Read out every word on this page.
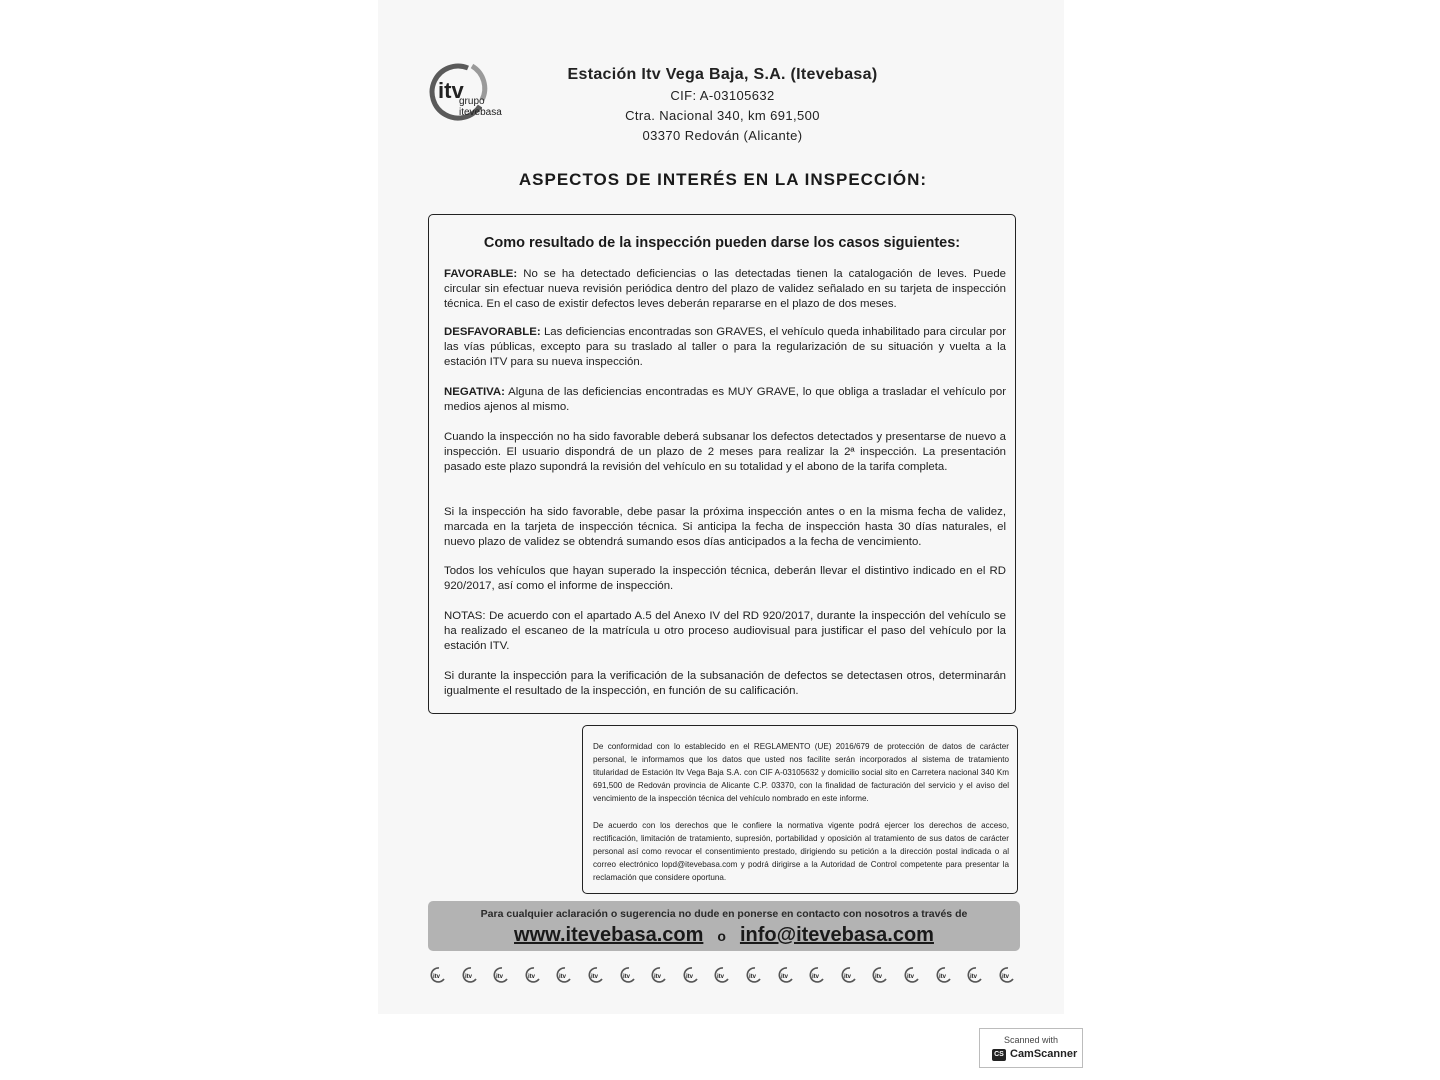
itv
grupo
itevebasa
Estación Itv Vega Baja, S.A. (Itevebasa)
CIF: A-03105632
Ctra. Nacional 340, km 691,500
03370 Redován (Alicante)
ASPECTOS DE INTERÉS EN LA INSPECCIÓN:
Como resultado de la inspección pueden darse los casos siguientes:
FAVORABLE: No se ha detectado deficiencias o las detectadas tienen la catalogación de leves. Puede circular sin efectuar nueva revisión periódica dentro del plazo de validez señalado en su tarjeta de inspección técnica. En el caso de existir defectos leves deberán repararse en el plazo de dos meses.
DESFAVORABLE: Las deficiencias encontradas son GRAVES, el vehículo queda inhabilitado para circular por las vías públicas, excepto para su traslado al taller o para la regularización de su situación y vuelta a la estación ITV para su nueva inspección.
NEGATIVA: Alguna de las deficiencias encontradas es MUY GRAVE, lo que obliga a trasladar el vehículo por medios ajenos al mismo.
Cuando la inspección no ha sido favorable deberá subsanar los defectos detectados y presentarse de nuevo a inspección. El usuario dispondrá de un plazo de 2 meses para realizar la 2ª inspección. La presentación pasado este plazo supondrá la revisión del vehículo en su totalidad y el abono de la tarifa completa.
Si la inspección ha sido favorable, debe pasar la próxima inspección antes o en la misma fecha de validez, marcada en la tarjeta de inspección técnica. Si anticipa la fecha de inspección hasta 30 días naturales, el nuevo plazo de validez se obtendrá sumando esos días anticipados a la fecha de vencimiento.
Todos los vehículos que hayan superado la inspección técnica, deberán llevar el distintivo indicado en el RD 920/2017, así como el informe de inspección.
NOTAS: De acuerdo con el apartado A.5 del Anexo IV del RD 920/2017, durante la inspección del vehículo se ha realizado el escaneo de la matrícula u otro proceso audiovisual para justificar el paso del vehículo por la estación ITV.
Si durante la inspección para la verificación de la subsanación de defectos se detectasen otros, determinarán igualmente el resultado de la inspección, en función de su calificación.

De conformidad con lo establecido en el REGLAMENTO (UE) 2016/679 de protección de datos de carácter personal, le informamos que los datos que usted nos facilite serán incorporados al sistema de tratamiento titularidad de Estación Itv Vega Baja S.A. con CIF A-03105632 y domicilio social sito en Carretera nacional 340 Km 691,500 de Redován provincia de Alicante C.P. 03370, con la finalidad de facturación del servicio y el aviso del vencimiento de la inspección técnica del vehículo nombrado en este informe.

De acuerdo con los derechos que le confiere la normativa vigente podrá ejercer los derechos de acceso, rectificación, limitación de tratamiento, supresión, portabilidad y oposición al tratamiento de sus datos de carácter personal así como revocar el consentimiento prestado, dirigiendo su petición a la dirección postal indicada o al correo electrónico lopd@itevebasa.com y podrá dirigirse a la Autoridad de Control competente para presentar la reclamación que considere oportuna.

Para cualquier aclaración o sugerencia no dude en ponerse en contacto con nosotros a través de
www.itevebasa.com o info@itevebasa.com
itv	itv	itv	itv	itv	itv	itv	itv	itv	itv	itv	itv	itv	itv	itv	itv	itv	itv	itv
Scanned with
CS CamScanner
